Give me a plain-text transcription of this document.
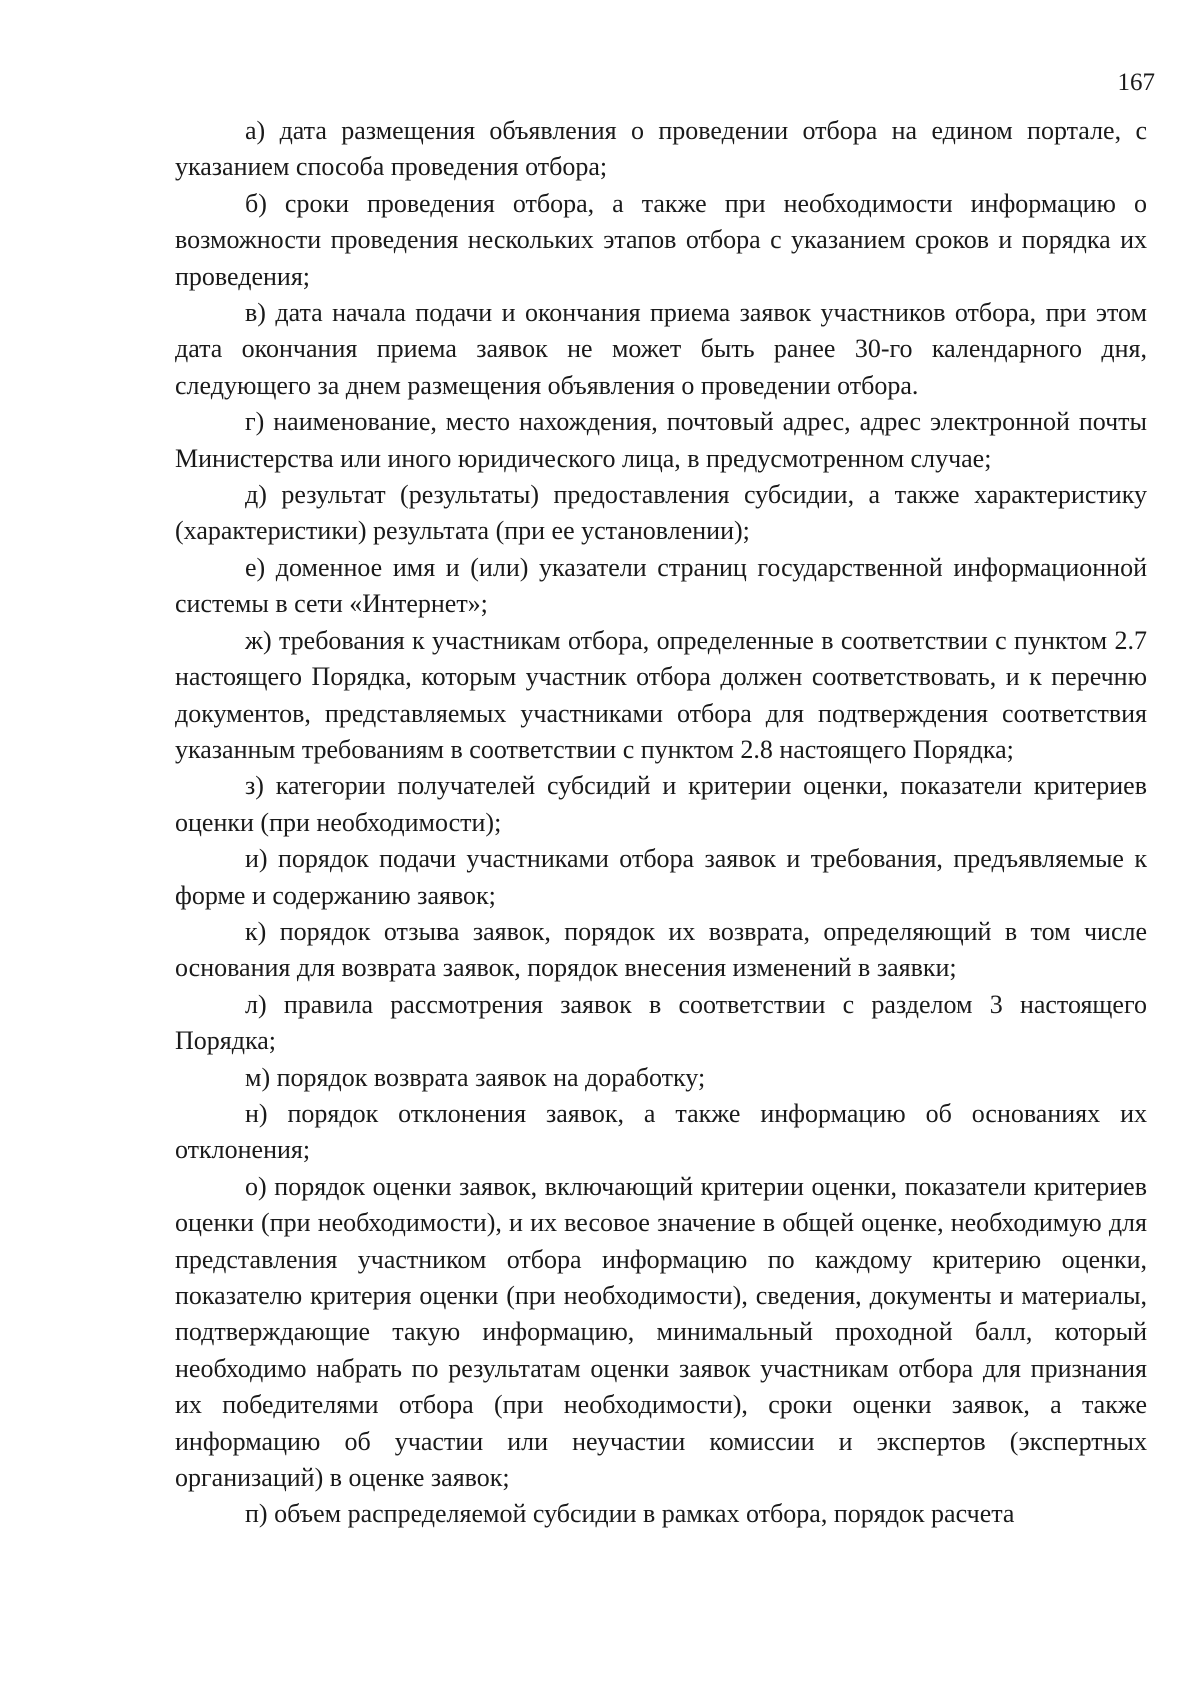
167

а) дата размещения объявления о проведении отбора на едином портале, с указанием способа проведения отбора;

б) сроки проведения отбора, а также при необходимости информацию о возможности проведения нескольких этапов отбора с указанием сроков и порядка их проведения;

в) дата начала подачи и окончания приема заявок участников отбора, при этом дата окончания приема заявок не может быть ранее 30-го календарного дня, следующего за днем размещения объявления о проведении отбора.

г) наименование, место нахождения, почтовый адрес, адрес электронной почты Министерства или иного юридического лица, в предусмотренном случае;

д) результат (результаты) предоставления субсидии, а также характеристику (характеристики) результата (при ее установлении);

е) доменное имя и (или) указатели страниц государственной информационной системы в сети «Интернет»;

ж) требования к участникам отбора, определенные в соответствии с пунктом 2.7 настоящего Порядка, которым участник отбора должен соответствовать, и к перечню документов, представляемых участниками отбора для подтверждения соответствия указанным требованиям в соответствии с пунктом 2.8 настоящего Порядка;

з) категории получателей субсидий и критерии оценки, показатели критериев оценки (при необходимости);

и) порядок подачи участниками отбора заявок и требования, предъявляемые к форме и содержанию заявок;

к) порядок отзыва заявок, порядок их возврата, определяющий в том числе основания для возврата заявок, порядок внесения изменений в заявки;

л) правила рассмотрения заявок в соответствии с разделом 3 настоящего Порядка;

м) порядок возврата заявок на доработку;

н) порядок отклонения заявок, а также информацию об основаниях их отклонения;

о) порядок оценки заявок, включающий критерии оценки, показатели критериев оценки (при необходимости), и их весовое значение в общей оценке, необходимую для представления участником отбора информацию по каждому критерию оценки, показателю критерия оценки (при необходимости), сведения, документы и материалы, подтверждающие такую информацию, минимальный проходной балл, который необходимо набрать по результатам оценки заявок участникам отбора для признания их победителями отбора (при необходимости), сроки оценки заявок, а также информацию об участии или неучастии комиссии и экспертов (экспертных организаций) в оценке заявок;

п) объем распределяемой субсидии в рамках отбора, порядок расчета
